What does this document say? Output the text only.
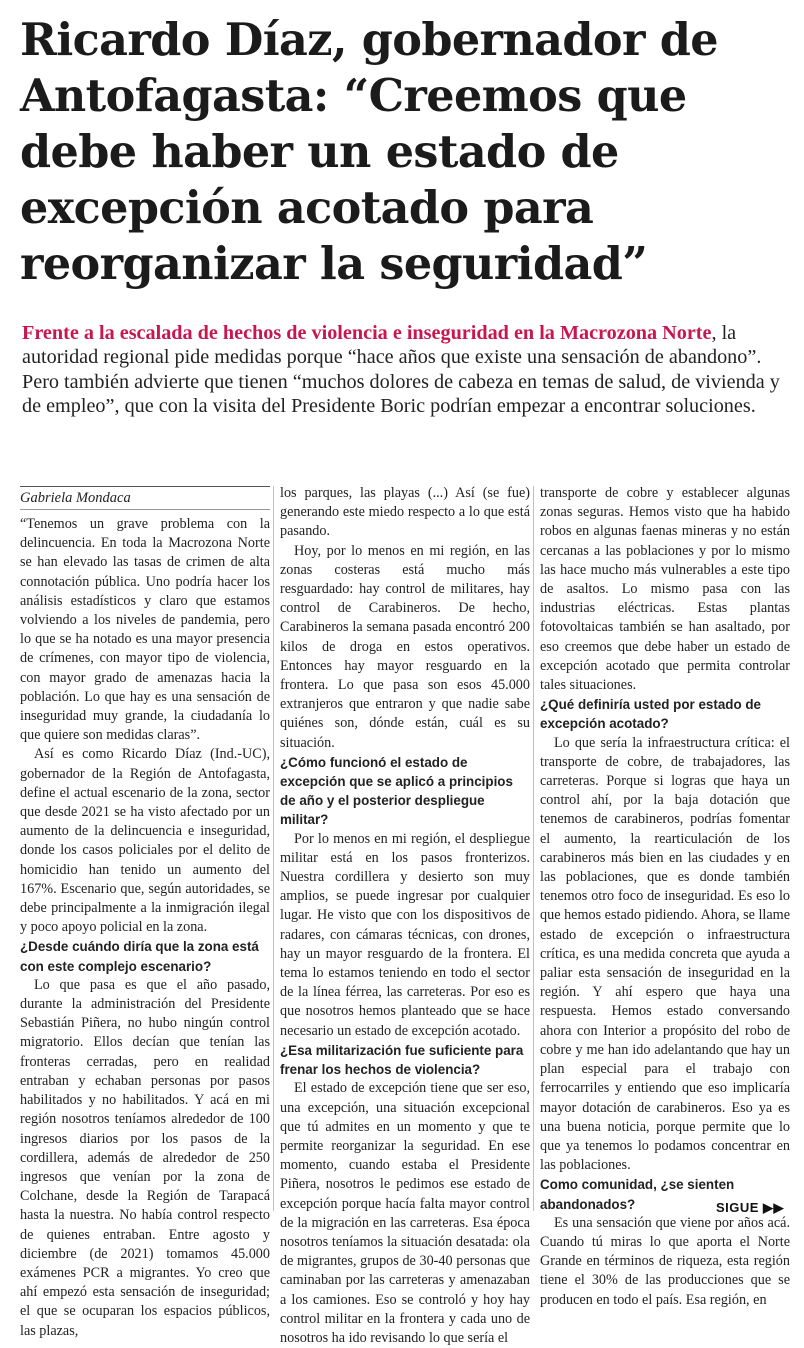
Ricardo Díaz, gobernador de Antofagasta: “Creemos que debe haber un estado de excepción acotado para reorganizar la seguridad”

Frente a la escalada de hechos de violencia e inseguridad en la Macrozona Norte, la autoridad regional pide medidas porque “hace años que existe una sensación de abandono”. Pero también advierte que tienen “muchos dolores de cabeza en temas de salud, de vivienda y de empleo”, que con la visita del Presidente Boric podrían empezar a encontrar soluciones.

Gabriela Mondaca

“Tenemos un grave problema con la delincuencia. En toda la Macrozona Norte se han elevado las tasas de crimen de alta connotación pública. Uno podría hacer los análisis estadísticos y claro que estamos volviendo a los niveles de pandemia, pero lo que se ha notado es una mayor presencia de crímenes, con mayor tipo de violencia, con mayor grado de amenazas hacia la población. Lo que hay es una sensación de inseguridad muy grande, la ciudadanía lo que quiere son medidas claras”.

Así es como Ricardo Díaz (Ind.-UC), gobernador de la Región de Antofagasta, define el actual escenario de la zona, sector que desde 2021 se ha visto afectado por un aumento de la delincuencia e inseguridad, donde los casos policiales por el delito de homicidio han tenido un aumento del 167%. Escenario que, según autoridades, se debe principalmente a la inmigración ilegal y poco apoyo policial en la zona.

¿Desde cuándo diría que la zona está con este complejo escenario?

Lo que pasa es que el año pasado, durante la administración del Presidente Sebastián Piñera, no hubo ningún control migratorio. Ellos decían que tenían las fronteras cerradas, pero en realidad entraban y echaban personas por pasos habilitados y no habilitados. Y acá en mi región nosotros teníamos alrededor de 100 ingresos diarios por los pasos de la cordillera, además de alrededor de 250 ingresos que venían por la zona de Colchane, desde la Región de Tarapacá hasta la nuestra. No había control respecto de quienes entraban. Entre agosto y diciembre (de 2021) tomamos 45.000 exámenes PCR a migrantes. Yo creo que ahí empezó esta sensación de inseguridad; el que se ocuparan los espacios públicos, las plazas,

los parques, las playas (...) Así (se fue) generando este miedo respecto a lo que está pasando.

Hoy, por lo menos en mi región, en las zonas costeras está mucho más resguardado: hay control de militares, hay control de Carabineros. De hecho, Carabineros la semana pasada encontró 200 kilos de droga en estos operativos. Entonces hay mayor resguardo en la frontera. Lo que pasa son esos 45.000 extranjeros que entraron y que nadie sabe quiénes son, dónde están, cuál es su situación.

¿Cómo funcionó el estado de excepción que se aplicó a principios de año y el posterior despliegue militar?

Por lo menos en mi región, el despliegue militar está en los pasos fronterizos. Nuestra cordillera y desierto son muy amplios, se puede ingresar por cualquier lugar. He visto que con los dispositivos de radares, con cámaras técnicas, con drones, hay un mayor resguardo de la frontera. El tema lo estamos teniendo en todo el sector de la línea férrea, las carreteras. Por eso es que nosotros hemos planteado que se hace necesario un estado de excepción acotado.

¿Esa militarización fue suficiente para frenar los hechos de violencia?

El estado de excepción tiene que ser eso, una excepción, una situación excepcional que tú admites en un momento y que te permite reorganizar la seguridad. En ese momento, cuando estaba el Presidente Piñera, nosotros le pedimos ese estado de excepción porque hacía falta mayor control de la migración en las carreteras. Esa época nosotros teníamos la situación desatada: ola de migrantes, grupos de 30-40 personas que caminaban por las carreteras y amenazaban a los camiones. Eso se controló y hoy hay control militar en la frontera y cada uno de nosotros ha ido revisando lo que sería el

transporte de cobre y establecer algunas zonas seguras. Hemos visto que ha habido robos en algunas faenas mineras y no están cercanas a las poblaciones y por lo mismo las hace mucho más vulnerables a este tipo de asaltos. Lo mismo pasa con las industrias eléctricas. Estas plantas fotovoltaicas también se han asaltado, por eso creemos que debe haber un estado de excepción acotado que permita controlar tales situaciones.

¿Qué definiría usted por estado de excepción acotado?

Lo que sería la infraestructura crítica: el transporte de cobre, de trabajadores, las carreteras. Porque si logras que haya un control ahí, por la baja dotación que tenemos de carabineros, podrías fomentar el aumento, la rearticulación de los carabineros más bien en las ciudades y en las poblaciones, que es donde también tenemos otro foco de inseguridad. Es eso lo que hemos estado pidiendo. Ahora, se llame estado de excepción o infraestructura crítica, es una medida concreta que ayuda a paliar esta sensación de inseguridad en la región. Y ahí espero que haya una respuesta. Hemos estado conversando ahora con Interior a propósito del robo de cobre y me han ido adelantando que hay un plan especial para el trabajo con ferrocarriles y entiendo que eso implicaría mayor dotación de carabineros. Eso ya es una buena noticia, porque permite que lo que ya tenemos lo podamos concentrar en las poblaciones.

Como comunidad, ¿se sienten abandonados?

Es una sensación que viene por años acá. Cuando tú miras lo que aporta el Norte Grande en términos de riqueza, esta región tiene el 30% de las producciones que se producen en todo el país. Esa región, en

SIGUE ▶▶
